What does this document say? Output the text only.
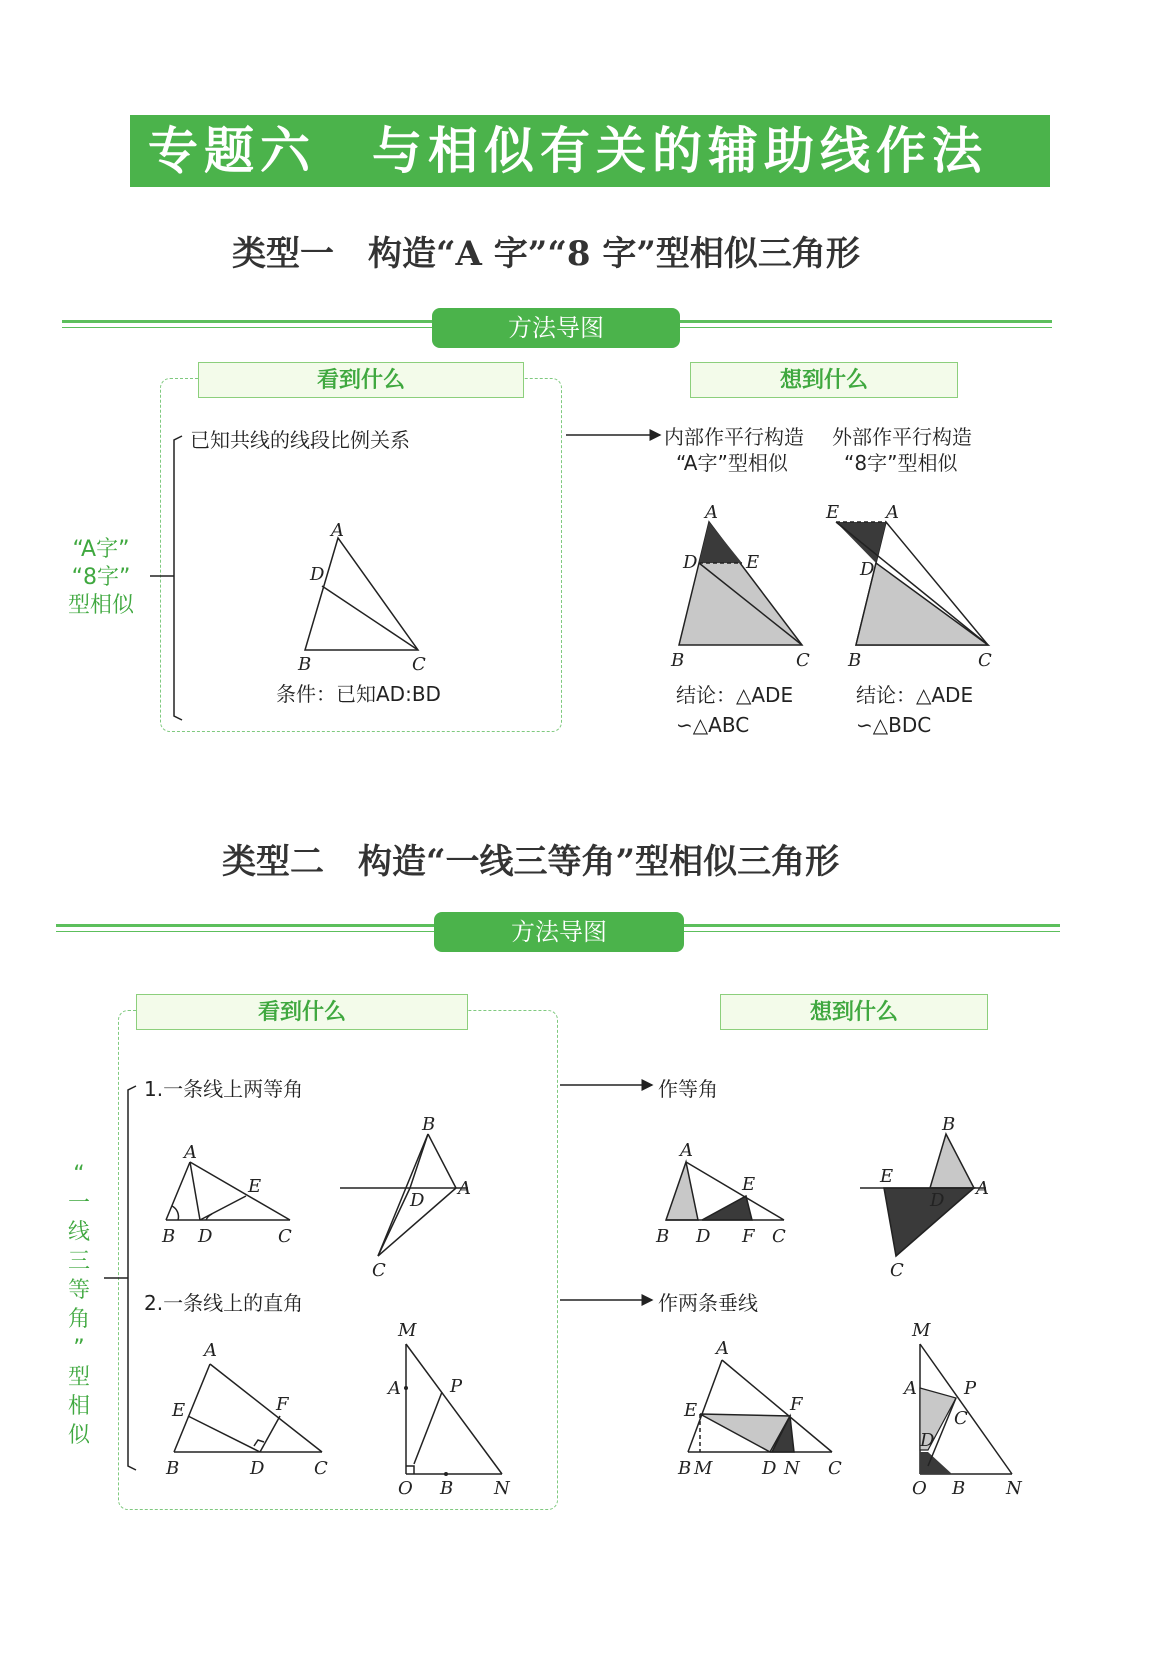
专题六　与相似有关的辅助线作法
类型一　构造“A 字”“8 字”型相似三角形
方法导图
看到什么	想到什么
“A字”
“8字”
型相似
已知共线的线段比例关系
条件：已知AD:BD
内部作平行构造
“A字”型相似
外部作平行构造
“8字”型相似
结论：△ADE
∽△ABC
结论：△ADE
∽△BDC
A
D
B	C
A
D	E
B	C
E	A
D
B	C
类型二　构造“一线三等角”型相似三角形
方法导图
看到什么	想到什么
“
一
线
三
等
角
”
型
相
似
1.一条线上两等角	作等角
2.一条线上的直角	作两条垂线
A
E
B D	C
B
A
D
C
A
E
B D F C
B
E
A
D
C
A
E	F
B	D	C
M
A	P
O B N
A
E	F
B M	D N C
M
A	P
C
D
O B N
